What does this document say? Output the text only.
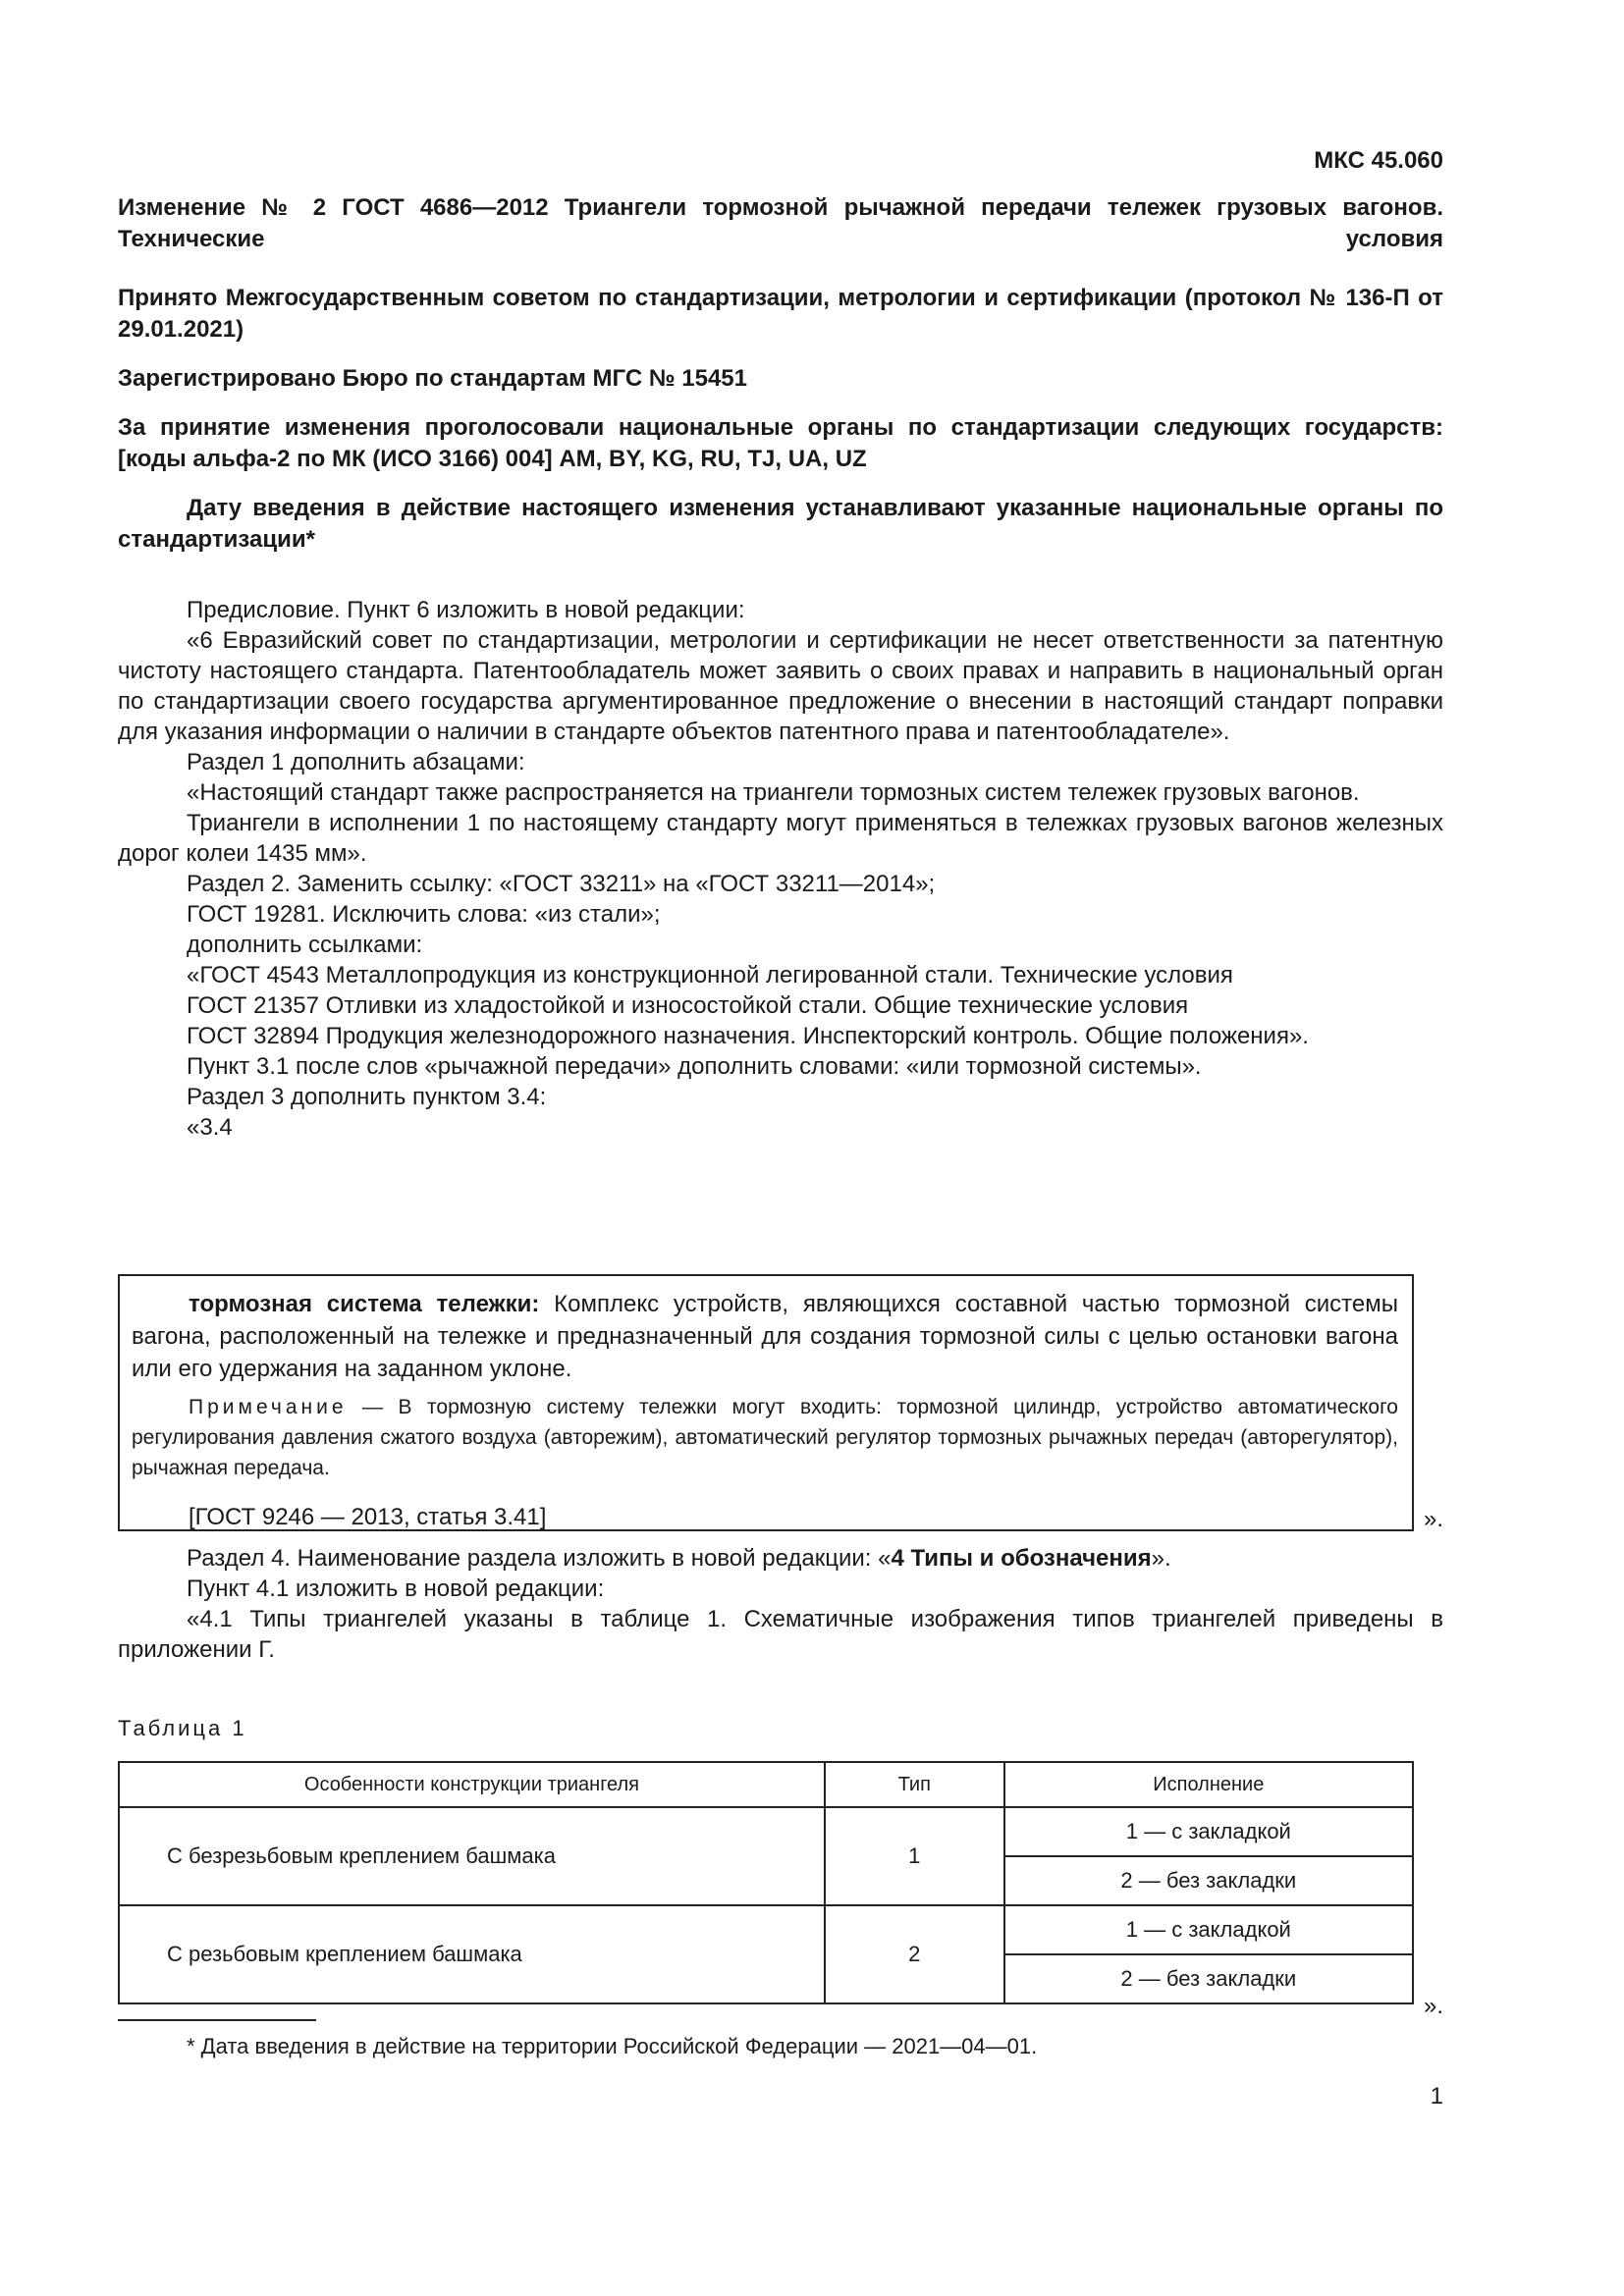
МКС 45.060
Изменение № 2 ГОСТ 4686—2012 Триангели тормозной рычажной передачи тележек грузовых вагонов. Технические условия
Принято Межгосударственным советом по стандартизации, метрологии и сертификации (протокол № 136-П от 29.01.2021)
Зарегистрировано Бюро по стандартам МГС № 15451
За принятие изменения проголосовали национальные органы по стандартизации следующих государств: [коды альфа-2 по МК (ИСО 3166) 004] AM, BY, KG, RU, TJ, UA, UZ
Дату введения в действие настоящего изменения устанавливают указанные национальные органы по стандартизации*

Предисловие. Пункт 6 изложить в новой редакции:

«6 Евразийский совет по стандартизации, метрологии и сертификации не несет ответственности за патентную чистоту настоящего стандарта. Патентообладатель может заявить о своих правах и направить в национальный орган по стандартизации своего государства аргументированное предложение о внесении в настоящий стандарт поправки для указания информации о наличии в стандарте объектов патентного права и патентообладателе».

Раздел 1 дополнить абзацами:

«Настоящий стандарт также распространяется на триангели тормозных систем тележек грузовых вагонов.

Триангели в исполнении 1 по настоящему стандарту могут применяться в тележках грузовых вагонов железных дорог колеи 1435 мм».

Раздел 2. Заменить ссылку: «ГОСТ 33211» на «ГОСТ 33211—2014»;

ГОСТ 19281. Исключить слова: «из стали»;

дополнить ссылками:

«ГОСТ 4543 Металлопродукция из конструкционной легированной стали. Технические условия

ГОСТ 21357 Отливки из хладостойкой и износостойкой стали. Общие технические условия

ГОСТ 32894 Продукция железнодорожного назначения. Инспекторский контроль. Общие положения».

Пункт 3.1 после слов «рычажной передачи» дополнить словами: «или тормозной системы».

Раздел 3 дополнить пунктом 3.4:

«3.4

тормозная система тележки: Комплекс устройств, являющихся составной частью тормозной системы вагона, расположенный на тележке и предназначенный для создания тормозной силы с целью остановки вагона или его удержания на заданном уклоне.
Примечание — В тормозную систему тележки могут входить: тормозной цилиндр, устройство автоматического регулирования давления сжатого воздуха (авторежим), автоматический регулятор тормозных рычажных передач (авторегулятор), рычажная передача.
[ГОСТ 9246 — 2013, статья 3.41]	».

Раздел 4. Наименование раздела изложить в новой редакции: «4 Типы и обозначения».

Пункт 4.1 изложить в новой редакции:

«4.1 Типы триангелей указаны в таблице 1. Схематичные изображения типов триангелей приведены в приложении Г.

Таблица 1
Особенности конструкции триангеля	Тип	Исполнение
С безрезьбовым креплением башмака	1	1 — с закладкой
		2 — без закладки
С резьбовым креплением башмака	2	1 — с закладкой
		2 — без закладки
».
* Дата введения в действие на территории Российской Федерации — 2021—04—01.
1
